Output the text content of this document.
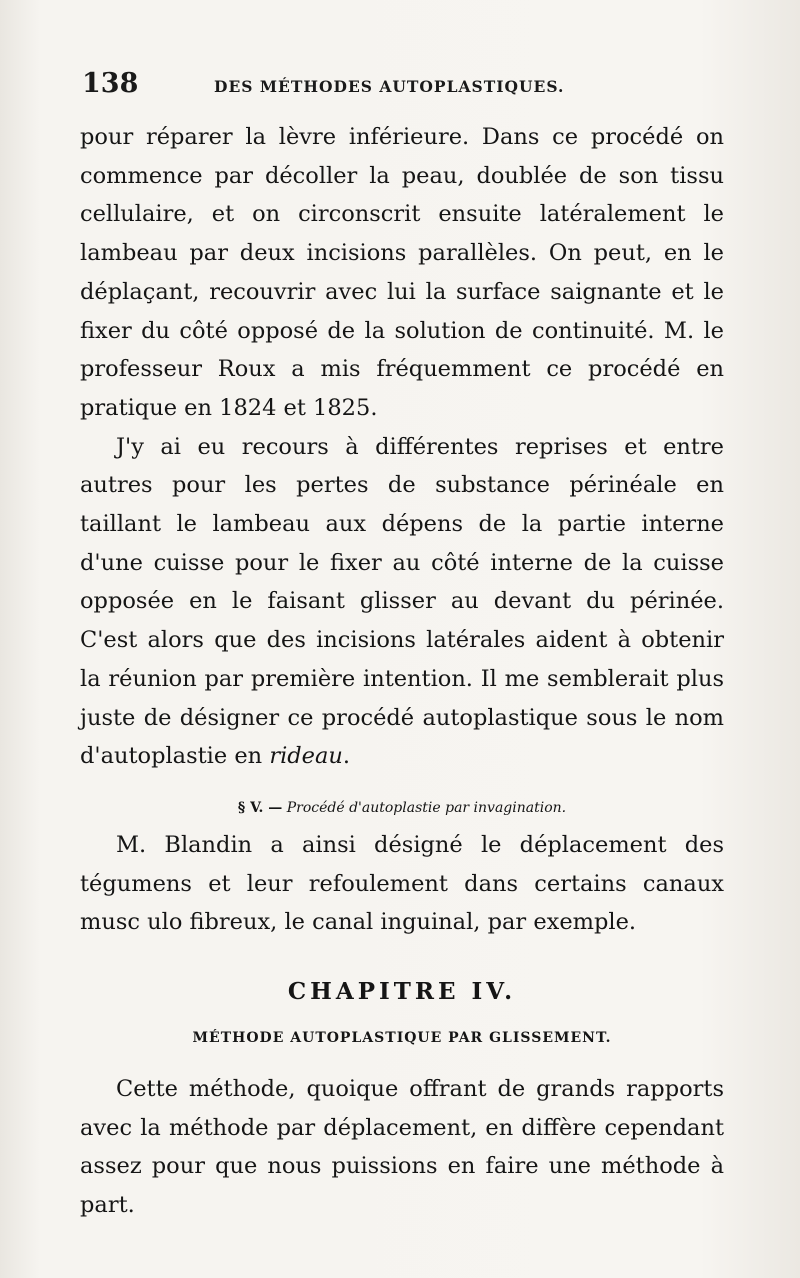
138	DES MÉTHODES AUTOPLASTIQUES.

pour réparer la lèvre inférieure. Dans ce procédé on commence par décoller la peau, doublée de son tissu cellulaire, et on circonscrit ensuite latéralement le lambeau par deux incisions parallèles. On peut, en le déplaçant, recouvrir avec lui la surface saignante et le fixer du côté opposé de la solution de continuité. M. le professeur Roux a mis fréquemment ce procédé en pratique en 1824 et 1825.

J'y ai eu recours à différentes reprises et entre autres pour les pertes de substance périnéale en taillant le lambeau aux dépens de la partie interne d'une cuisse pour le fixer au côté interne de la cuisse opposée en le faisant glisser au devant du périnée. C'est alors que des incisions latérales aident à obtenir la réunion par première intention. Il me semblerait plus juste de désigner ce procédé autoplastique sous le nom d'autoplastie en rideau.

§ V. — Procédé d'autoplastie par invagination.

M. Blandin a ainsi désigné le déplacement des tégumens et leur refoulement dans certains canaux musc ulo fibreux, le canal inguinal, par exemple.

CHAPITRE IV.

MÉTHODE AUTOPLASTIQUE PAR GLISSEMENT.

Cette méthode, quoique offrant de grands rapports avec la méthode par déplacement, en diffère cependant assez pour que nous puissions en faire une méthode à part.
